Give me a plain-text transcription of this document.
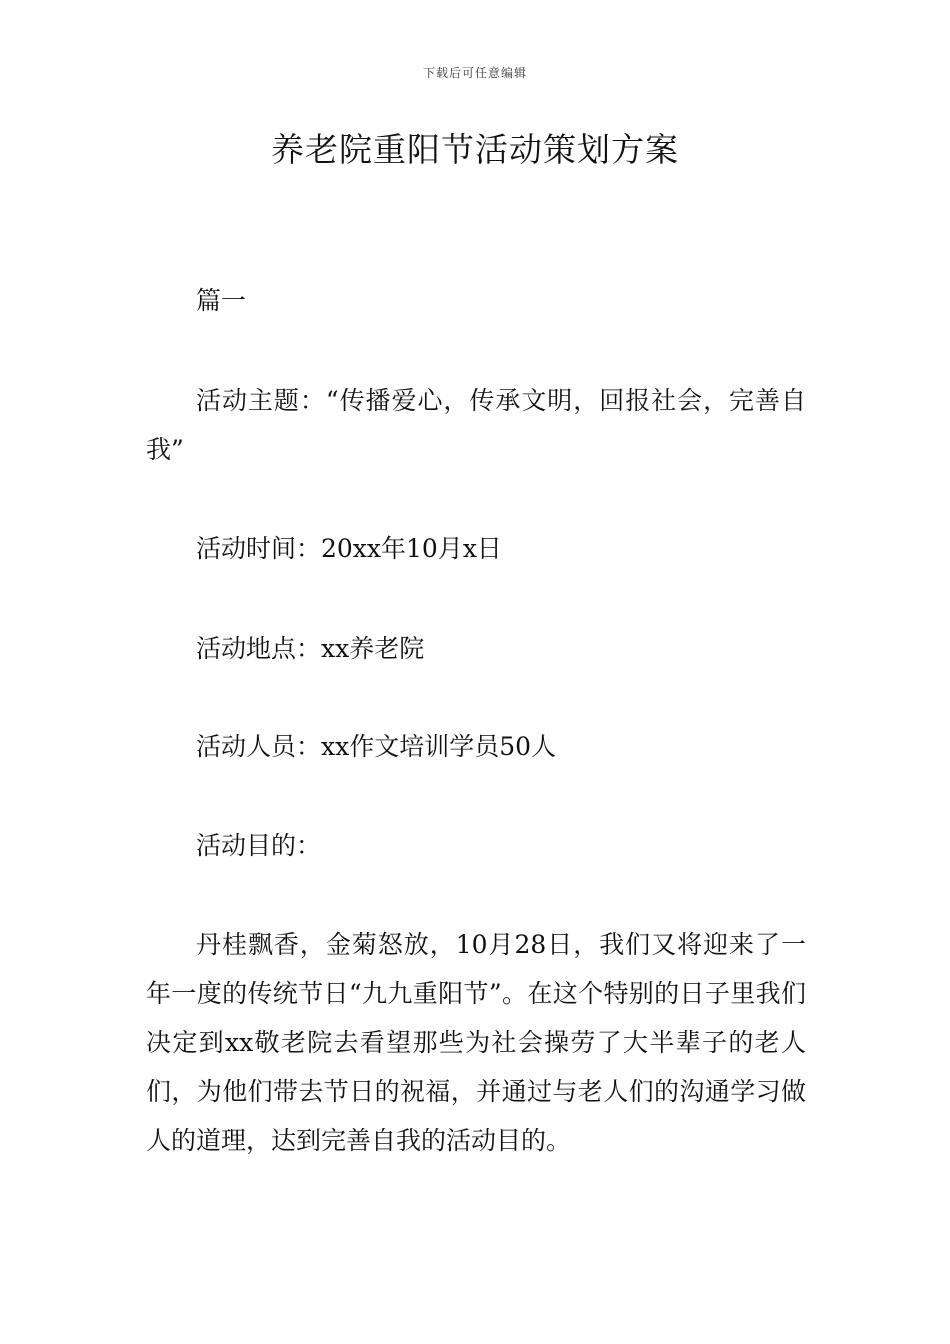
下载后可任意编辑
养老院重阳节活动策划方案

篇一

活动主题：“传播爱心，传承文明，回报社会，完善自我”

活动时间：20xx年10月x日

活动地点：xx养老院

活动人员：xx作文培训学员50人

活动目的：

丹桂飘香，金菊怒放，10月28日，我们又将迎来了一年一度的传统节日“九九重阳节”。在这个特别的日子里我们决定到xx敬老院去看望那些为社会操劳了大半辈子的老人们，为他们带去节日的祝福，并通过与老人们的沟通学习做人的道理，达到完善自我的活动目的。
